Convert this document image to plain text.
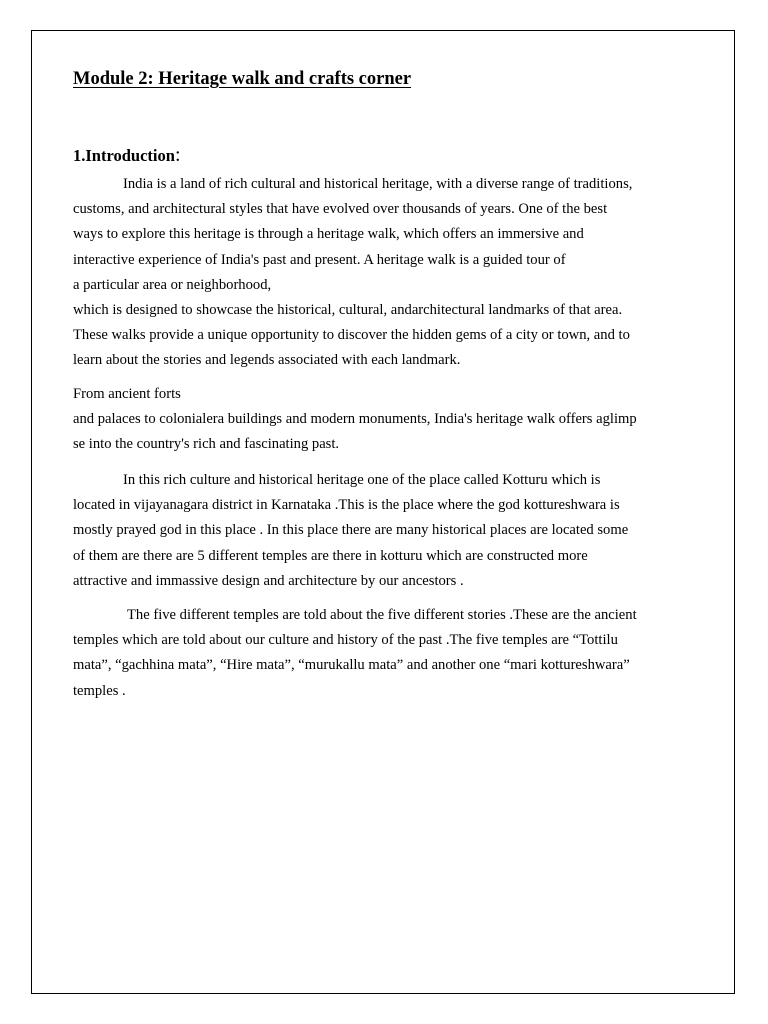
Module 2: Heritage walk and crafts corner
1.Introduction:

India is a land of rich cultural and historical heritage, with a diverse range of traditions,
customs, and architectural styles that have evolved over thousands of years. One of the best
ways to explore this heritage is through a heritage walk, which offers an immersive and
interactive experience of India's past and present. A heritage walk is a guided tour of
a particular area or neighborhood,
which is designed to showcase the historical, cultural, andarchitectural landmarks of that area.
These walks provide a unique opportunity to discover the hidden gems of a city or town, and to
learn about the stories and legends associated with each landmark.

From ancient forts
and palaces to colonialera buildings and modern monuments, India's heritage walk offers aglimp
se into the country's rich and fascinating past.

In this rich culture and historical heritage one of the place called Kotturu which is
located in vijayanagara district in Karnataka .This is the place where the god kottureshwara is
mostly prayed god in this place . In this place there are many historical places are located some
of them are there are 5 different temples are there in kotturu which are constructed more
attractive and immassive design and architecture by our ancestors .

The five different temples are told about the five different stories .These are the ancient
temples which are told about our culture and history of the past .The five temples are “Tottilu
mata”, “gachhina mata”, “Hire mata”, “murukallu mata” and another one “mari kottureshwara”
temples .
